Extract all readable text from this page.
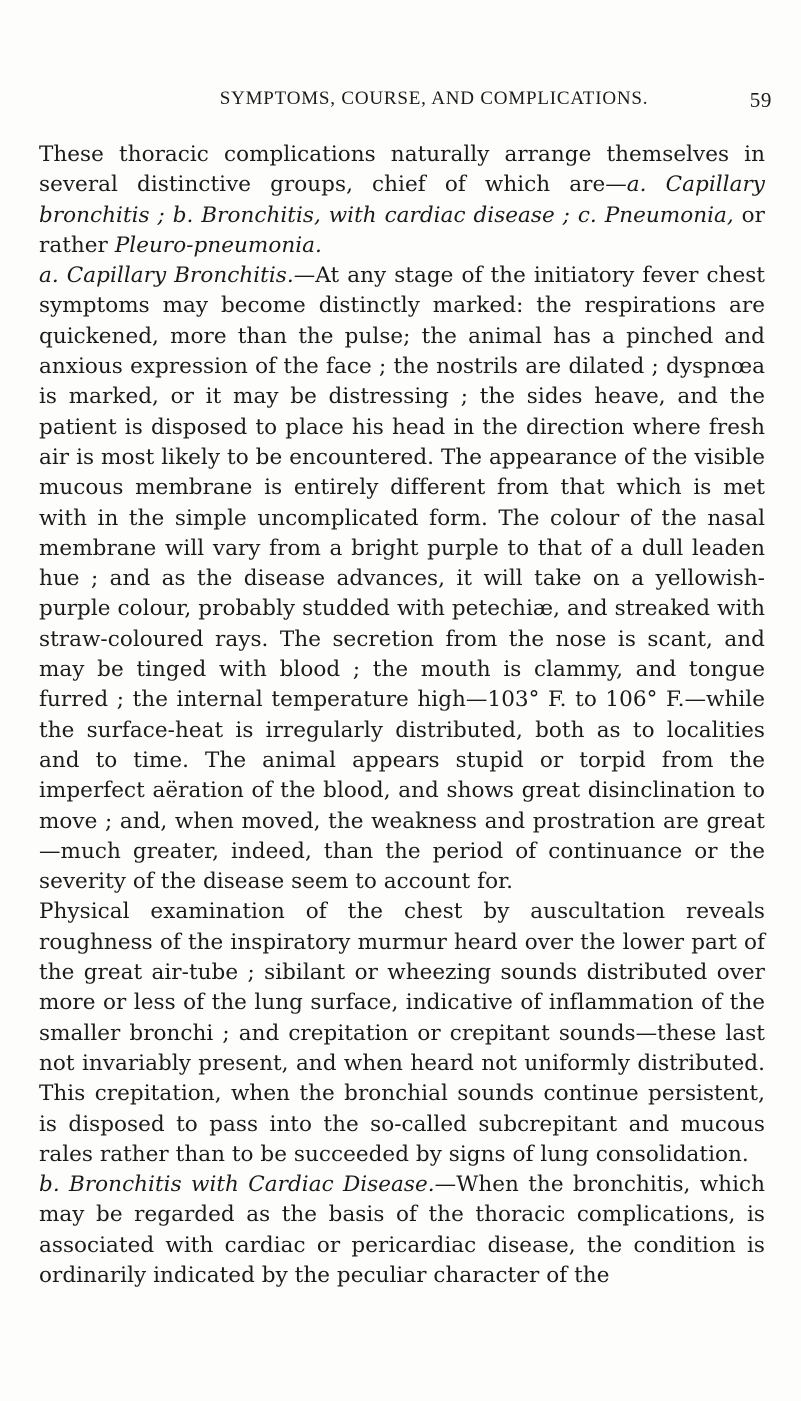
SYMPTOMS, COURSE, AND COMPLICATIONS.	59

These thoracic complications naturally arrange themselves in several distinctive groups, chief of which are—a. Capillary bronchitis ; b. Bronchitis, with cardiac disease ; c. Pneumonia, or rather Pleuro-pneumonia.

a. Capillary Bronchitis.—At any stage of the initiatory fever chest symptoms may become distinctly marked: the respirations are quickened, more than the pulse; the animal has a pinched and anxious expression of the face ; the nostrils are dilated ; dyspnœa is marked, or it may be distressing ; the sides heave, and the patient is disposed to place his head in the direction where fresh air is most likely to be encountered. The appearance of the visible mucous membrane is entirely different from that which is met with in the simple uncomplicated form. The colour of the nasal membrane will vary from a bright purple to that of a dull leaden hue ; and as the disease advances, it will take on a yellowish-purple colour, probably studded with petechiæ, and streaked with straw-coloured rays. The secretion from the nose is scant, and may be tinged with blood ; the mouth is clammy, and tongue furred ; the internal temperature high—103° F. to 106° F.—while the surface-heat is irregularly distributed, both as to localities and to time. The animal appears stupid or torpid from the imperfect aëration of the blood, and shows great disinclination to move ; and, when moved, the weakness and prostration are great—much greater, indeed, than the period of continuance or the severity of the disease seem to account for.

Physical examination of the chest by auscultation reveals roughness of the inspiratory murmur heard over the lower part of the great air-tube ; sibilant or wheezing sounds distributed over more or less of the lung surface, indicative of inflammation of the smaller bronchi ; and crepitation or crepitant sounds—these last not invariably present, and when heard not uniformly distributed. This crepitation, when the bronchial sounds continue persistent, is disposed to pass into the so-called subcrepitant and mucous rales rather than to be succeeded by signs of lung consolidation.

b. Bronchitis with Cardiac Disease.—When the bronchitis, which may be regarded as the basis of the thoracic complications, is associated with cardiac or pericardiac disease, the condition is ordinarily indicated by the peculiar character of the
